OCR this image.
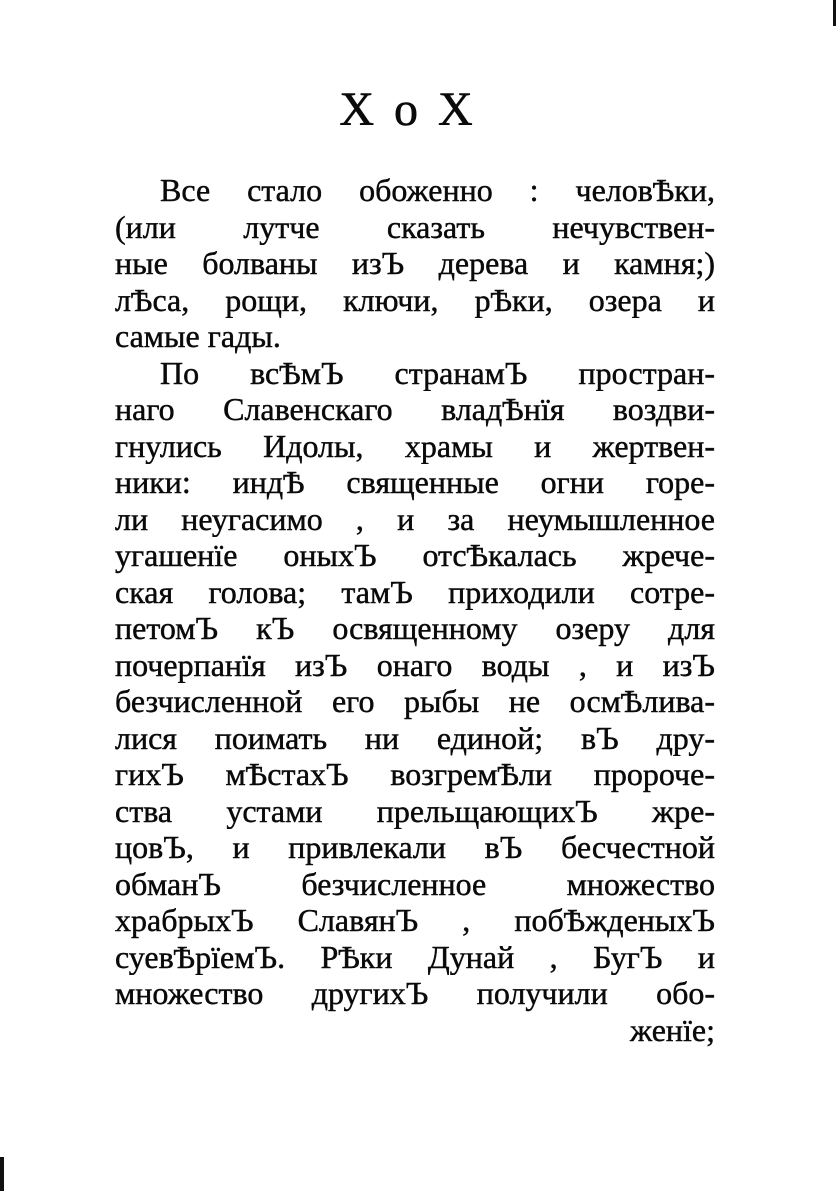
X o X
Все стало обоженно : человѢки,
(или лутче сказать нечувствен-
ные болваны изЪ дерева и камня;)
лѢса, рощи, ключи, рѢки, озера и
самые гады.
По всѢмЪ странамЪ простран-
наго Славенскаго владѢнїя воздви-
гнулись Идолы, храмы и жертвен-
ники: индѢ священные огни горе-
ли неугасимо , и за неумышленное
угашенїе оныхЪ отсѢкалась жрече-
ская голова; тамЪ приходили сотре-
петомЪ кЪ освященному озеру для
почерпанїя изЪ онаго воды , и изЪ
безчисленной его рыбы не осмѢлива-
лися поимать ни единой; вЪ дру-
гихЪ мѢстахЪ возгремѢли пророче-
ства устами прельщающихЪ жре-
цовЪ, и привлекали вЪ бесчестной
обманЪ безчисленное множество
храбрыхЪ СлавянЪ , побѢжденыхЪ
суевѢрїемЪ. РѢки Дунай , БугЪ и
множество другихЪ получили обо-
женїе;
